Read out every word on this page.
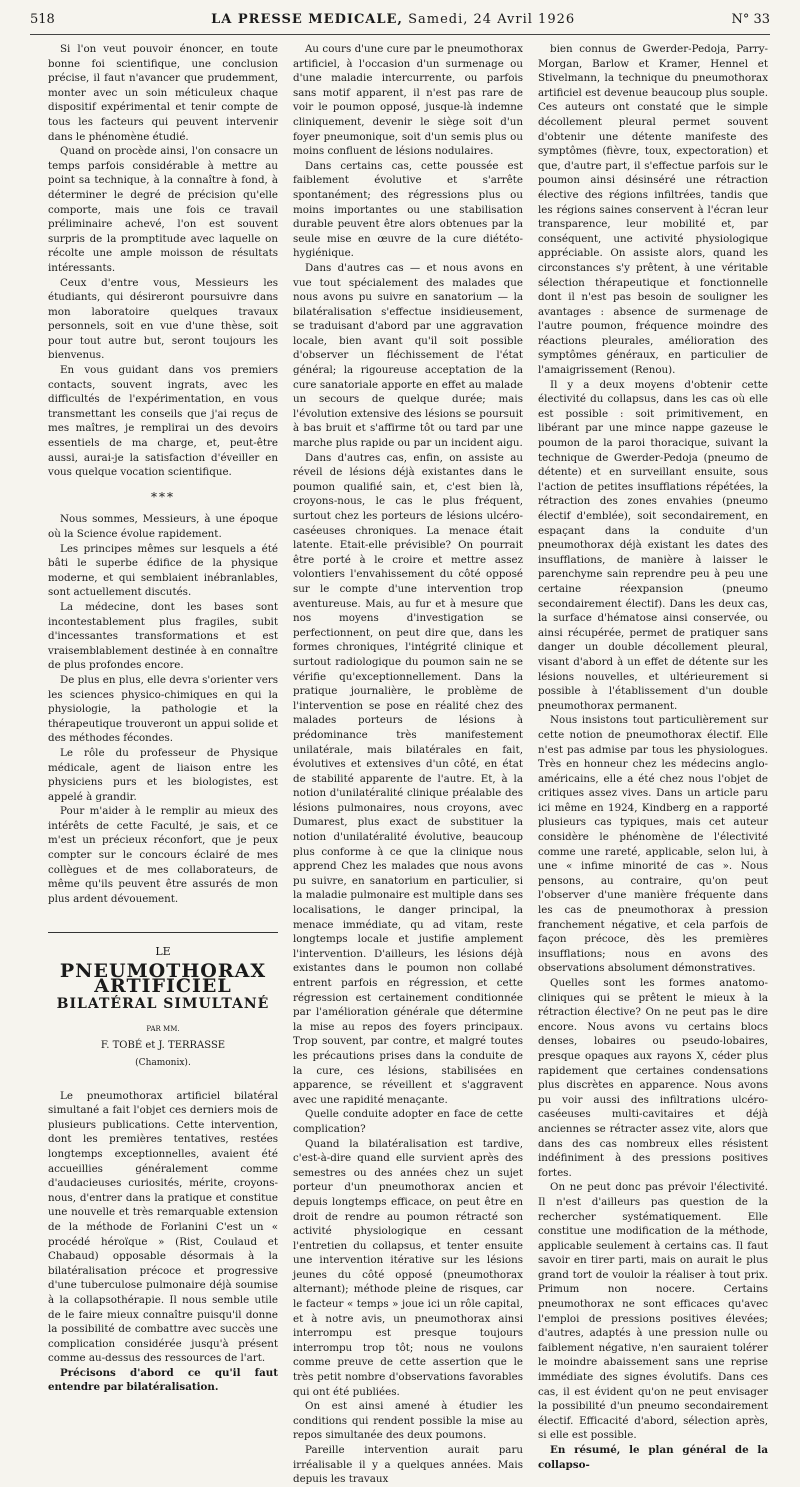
518	LA PRESSE MEDICALE, Samedi, 24 Avril 1926	N° 33

Si l'on veut pouvoir énoncer, en toute bonne foi scientifique, une conclusion précise, il faut n'avancer que prudemment, monter avec un soin méticuleux chaque dispositif expérimental et tenir compte de tous les facteurs qui peuvent intervenir dans le phénomène étudié.

Quand on procède ainsi, l'on consacre un temps parfois considérable à mettre au point sa technique, à la connaître à fond, à déterminer le degré de précision qu'elle comporte, mais une fois ce travail préliminaire achevé, l'on est souvent surpris de la promptitude avec laquelle on récolte une ample moisson de résultats intéressants.

Ceux d'entre vous, Messieurs les étudiants, qui désireront poursuivre dans mon laboratoire quelques travaux personnels, soit en vue d'une thèse, soit pour tout autre but, seront toujours les bienvenus.

En vous guidant dans vos premiers contacts, souvent ingrats, avec les difficultés de l'expérimentation, en vous transmettant les conseils que j'ai reçus de mes maîtres, je remplirai un des devoirs essentiels de ma charge, et, peut-être aussi, aurai-je la satisfaction d'éveiller en vous quelque vocation scientifique.

***

Nous sommes, Messieurs, à une époque où la Science évolue rapidement.

Les principes mêmes sur lesquels a été bâti le superbe édifice de la physique moderne, et qui semblaient inébranlables, sont actuellement discutés.

La médecine, dont les bases sont incontestablement plus fragiles, subit d'incessantes transformations et est vraisemblablement destinée à en connaître de plus profondes encore.

De plus en plus, elle devra s'orienter vers les sciences physico-chimiques en qui la physiologie, la pathologie et la thérapeutique trouveront un appui solide et des méthodes fécondes.

Le rôle du professeur de Physique médicale, agent de liaison entre les physiciens purs et les biologistes, est appelé à grandir.

Pour m'aider à le remplir au mieux des intérêts de cette Faculté, je sais, et ce m'est un précieux réconfort, que je peux compter sur le concours éclairé de mes collègues et de mes collaborateurs, de même qu'ils peuvent être assurés de mon plus ardent dévouement.

LE
PNEUMOTHORAX ARTIFICIEL
BILATÉRAL SIMULTANÉ
PAR MM.
F. TOBÉ et J. TERRASSE
(Chamonix).

Le pneumothorax artificiel bilatéral simultané a fait l'objet ces derniers mois de plusieurs publications. Cette intervention, dont les premières tentatives, restées longtemps exceptionnelles, avaient été accueillies généralement comme d'audacieuses curiosités, mérite, croyons-nous, d'entrer dans la pratique et constitue une nouvelle et très remarquable extension de la méthode de Forlanini C'est un « procédé héroïque » (Rist, Coulaud et Chabaud) opposable désormais à la bilatéralisation précoce et progressive d'une tuberculose pulmonaire déjà soumise à la collapsothérapie. Il nous semble utile de le faire mieux connaître puisqu'il donne la possibilité de combattre avec succès une complication considérée jusqu'à présent comme au-dessus des ressources de l'art.

Précisons d'abord ce qu'il faut entendre par bilatéralisation.

Au cours d'une cure par le pneumothorax artificiel, à l'occasion d'un surmenage ou d'une maladie intercurrente, ou parfois sans motif apparent, il n'est pas rare de voir le poumon opposé, jusque-là indemne cliniquement, devenir le siège soit d'un foyer pneumonique, soit d'un semis plus ou moins confluent de lésions nodulaires.

Dans certains cas, cette poussée est faiblement évolutive et s'arrête spontanément; des régressions plus ou moins importantes ou une stabilisation durable peuvent être alors obtenues par la seule mise en œuvre de la cure diététo-hygiénique.

Dans d'autres cas — et nous avons en vue tout spécialement des malades que nous avons pu suivre en sanatorium — la bilatéralisation s'effectue insidieusement, se traduisant d'abord par une aggravation locale, bien avant qu'il soit possible d'observer un fléchissement de l'état général; la rigoureuse acceptation de la cure sanatoriale apporte en effet au malade un secours de quelque durée; mais l'évolution extensive des lésions se poursuit à bas bruit et s'affirme tôt ou tard par une marche plus rapide ou par un incident aigu.

Dans d'autres cas, enfin, on assiste au réveil de lésions déjà existantes dans le poumon qualifié sain, et, c'est bien là, croyons-nous, le cas le plus fréquent, surtout chez les porteurs de lésions ulcéro-caséeuses chroniques. La menace était latente. Etait-elle prévisible? On pourrait être porté à le croire et mettre assez volontiers l'envahissement du côté opposé sur le compte d'une intervention trop aventureuse. Mais, au fur et à mesure que nos moyens d'investigation se perfectionnent, on peut dire que, dans les formes chroniques, l'intégrité clinique et surtout radiologique du poumon sain ne se vérifie qu'exceptionnellement. Dans la pratique journalière, le problème de l'intervention se pose en réalité chez des malades porteurs de lésions à prédominance très manifestement unilatérale, mais bilatérales en fait, évolutives et extensives d'un côté, en état de stabilité apparente de l'autre. Et, à la notion d'unilatéralité clinique préalable des lésions pulmonaires, nous croyons, avec Dumarest, plus exact de substituer la notion d'unilatéralité évolutive, beaucoup plus conforme à ce que la clinique nous apprend Chez les malades que nous avons pu suivre, en sanatorium en particulier, si la maladie pulmonaire est multiple dans ses localisations, le danger principal, la menace immédiate, qu ad vitam, reste longtemps locale et justifie amplement l'intervention. D'ailleurs, les lésions déjà existantes dans le poumon non collabé entrent parfois en régression, et cette régression est certainement conditionnée par l'amélioration générale que détermine la mise au repos des foyers principaux. Trop souvent, par contre, et malgré toutes les précautions prises dans la conduite de la cure, ces lésions, stabilisées en apparence, se réveillent et s'aggravent avec une rapidité menaçante.

Quelle conduite adopter en face de cette complication?

Quand la bilatéralisation est tardive, c'est-à-dire quand elle survient après des semestres ou des années chez un sujet porteur d'un pneumothorax ancien et depuis longtemps efficace, on peut être en droit de rendre au poumon rétracté son activité physiologique en cessant l'entretien du collapsus, et tenter ensuite une intervention itérative sur les lésions jeunes du côté opposé (pneumothorax alternant); méthode pleine de risques, car le facteur « temps » joue ici un rôle capital, et à notre avis, un pneumothorax ainsi interrompu est presque toujours interrompu trop tôt; nous ne voulons comme preuve de cette assertion que le très petit nombre d'observations favorables qui ont été publiées.

On est ainsi amené à étudier les conditions qui rendent possible la mise au repos simultanée des deux poumons.

Pareille intervention aurait paru irréalisable il y a quelques années. Mais depuis les travaux

bien connus de Gwerder-Pedoja, Parry-Morgan, Barlow et Kramer, Hennel et Stivelmann, la technique du pneumothorax artificiel est devenue beaucoup plus souple. Ces auteurs ont constaté que le simple décollement pleural permet souvent d'obtenir une détente manifeste des symptômes (fièvre, toux, expectoration) et que, d'autre part, il s'effectue parfois sur le poumon ainsi désinséré une rétraction élective des régions infiltrées, tandis que les régions saines conservent à l'écran leur transparence, leur mobilité et, par conséquent, une activité physiologique appréciable. On assiste alors, quand les circonstances s'y prêtent, à une véritable sélection thérapeutique et fonctionnelle dont il n'est pas besoin de souligner les avantages : absence de surmenage de l'autre poumon, fréquence moindre des réactions pleurales, amélioration des symptômes généraux, en particulier de l'amaigrissement (Renou).

Il y a deux moyens d'obtenir cette électivité du collapsus, dans les cas où elle est possible : soit primitivement, en libérant par une mince nappe gazeuse le poumon de la paroi thoracique, suivant la technique de Gwerder-Pedoja (pneumo de détente) et en surveillant ensuite, sous l'action de petites insufflations répétées, la rétraction des zones envahies (pneumo électif d'emblée), soit secondairement, en espaçant dans la conduite d'un pneumothorax déjà existant les dates des insufflations, de manière à laisser le parenchyme sain reprendre peu à peu une certaine réexpansion (pneumo secondairement électif). Dans les deux cas, la surface d'hématose ainsi conservée, ou ainsi récupérée, permet de pratiquer sans danger un double décollement pleural, visant d'abord à un effet de détente sur les lésions nouvelles, et ultérieurement si possible à l'établissement d'un double pneumothorax permanent.

Nous insistons tout particulièrement sur cette notion de pneumothorax électif. Elle n'est pas admise par tous les physiologues. Très en honneur chez les médecins anglo-américains, elle a été chez nous l'objet de critiques assez vives. Dans un article paru ici même en 1924, Kindberg en a rapporté plusieurs cas typiques, mais cet auteur considère le phénomène de l'électivité comme une rareté, applicable, selon lui, à une « infime minorité de cas ». Nous pensons, au contraire, qu'on peut l'observer d'une manière fréquente dans les cas de pneumothorax à pression franchement négative, et cela parfois de façon précoce, dès les premières insufflations; nous en avons des observations absolument démonstratives.

Quelles sont les formes anatomo-cliniques qui se prêtent le mieux à la rétraction élective? On ne peut pas le dire encore. Nous avons vu certains blocs denses, lobaires ou pseudo-lobaires, presque opaques aux rayons X, céder plus rapidement que certaines condensations plus discrètes en apparence. Nous avons pu voir aussi des infiltrations ulcéro-caséeuses multi-cavitaires et déjà anciennes se rétracter assez vite, alors que dans des cas nombreux elles résistent indéfiniment à des pressions positives fortes.

On ne peut donc pas prévoir l'électivité. Il n'est d'ailleurs pas question de la rechercher systématiquement. Elle constitue une modification de la méthode, applicable seulement à certains cas. Il faut savoir en tirer parti, mais on aurait le plus grand tort de vouloir la réaliser à tout prix. Primum non nocere. Certains pneumothorax ne sont efficaces qu'avec l'emploi de pressions positives élevées; d'autres, adaptés à une pression nulle ou faiblement négative, n'en sauraient tolérer le moindre abaissement sans une reprise immédiate des signes évolutifs. Dans ces cas, il est évident qu'on ne peut envisager la possibilité d'un pneumo secondairement électif. Efficacité d'abord, sélection après, si elle est possible.

En résumé, le plan général de la collapso-
